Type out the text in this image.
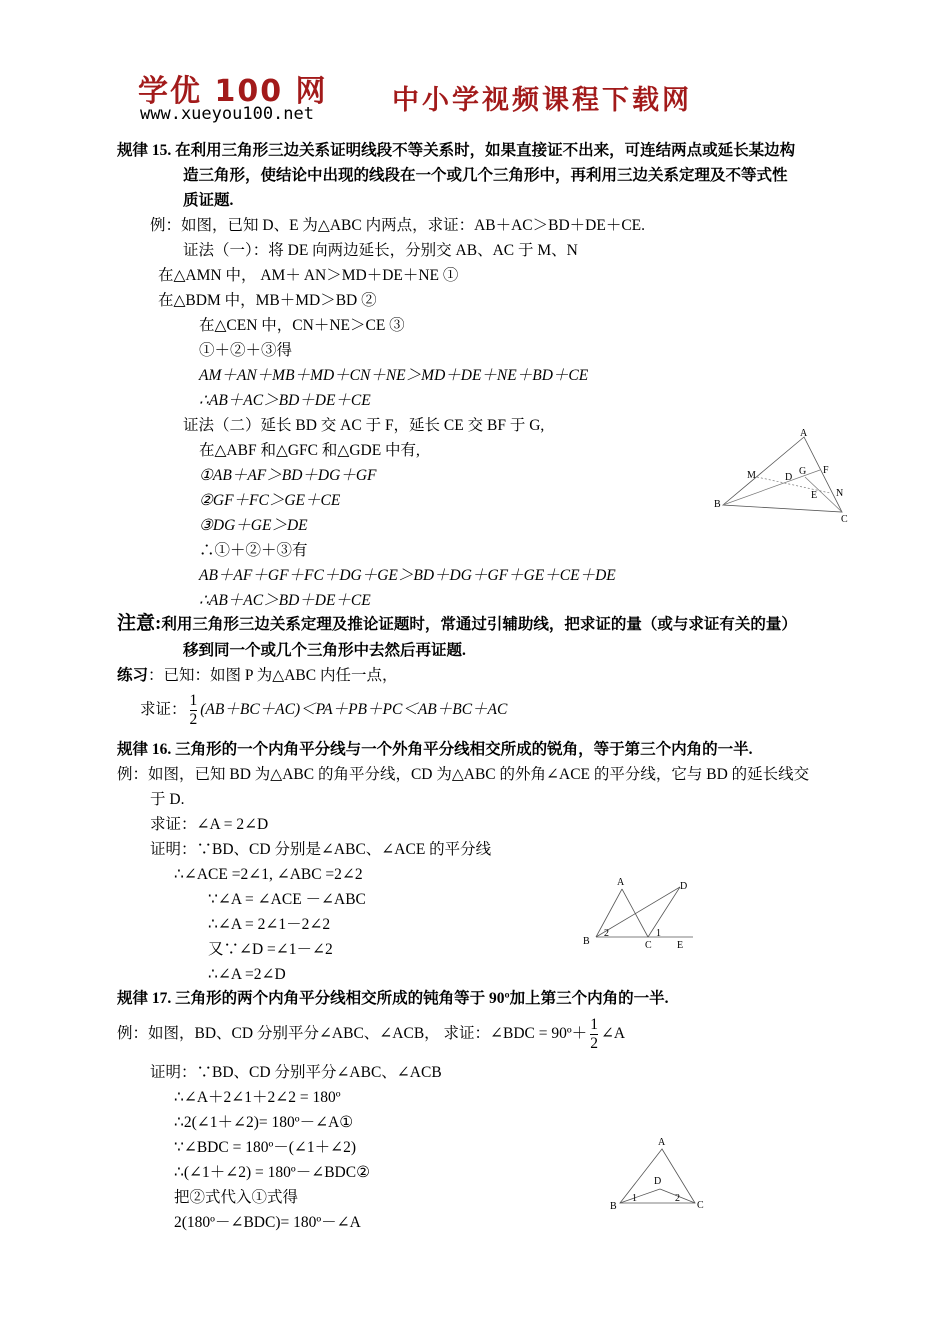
学优 100 网
www.xueyou100.net	中小学视频课程下载网
规律 15. 在利用三角形三边关系证明线段不等关系时，如果直接证不出来，可连结两点或延长某边构
造三角形，使结论中出现的线段在一个或几个三角形中，再利用三边关系定理及不等式性
质证题.
例：如图，已知 D、E 为△ABC 内两点，求证：AB＋AC＞BD＋DE＋CE.
证法（一）：将 DE 向两边延长，分别交 AB、AC 于 M、N
在△AMN 中， AM＋ AN＞MD＋DE＋NE ①
在△BDM 中，MB＋MD＞BD ②
在△CEN 中，CN＋NE＞CE ③
①＋②＋③得
AM＋AN＋MB＋MD＋CN＋NE＞MD＋DE＋NE＋BD＋CE
∴AB＋AC＞BD＋DE＋CE
证法（二）延长 BD 交 AC 于 F，延长 CE 交 BF 于 G,
在△ABF 和△GFC 和△GDE 中有,
①AB＋AF＞BD＋DG＋GF
②GF＋FC＞GE＋CE
③DG＋GE＞DE
∴①＋②＋③有
AB＋AF＋GF＋FC＋DG＋GE＞BD＋DG＋GF＋GE＋CE＋DE
∴AB＋AC＞BD＋DE＋CE
A
B
C
D
E
F
G
M
N
注意:利用三角形三边关系定理及推论证题时，常通过引辅助线，把求证的量（或与求证有关的量）
移到同一个或几个三角形中去然后再证题.
练习：已知：如图 P 为△ABC 内任一点，
求证： $\frac{1}{2} (AB+BC+AC)<PA+PB+PC<AB+BC+AC$
规律 16. 三角形的一个内角平分线与一个外角平分线相交所成的锐角，等于第三个内角的一半.
例：如图，已知 BD 为△ABC 的角平分线，CD 为△ABC 的外角∠ACE 的平分线，它与 BD 的延长线交
于 D.
求证：∠A = 2∠D
证明：∵BD、CD 分别是∠ABC、∠ACE 的平分线
∴∠ACE =2∠1, ∠ABC =2∠2
∵∠A = ∠ACE －∠ABC
∴∠A = 2∠1－2∠2
又∵∠D =∠1－∠2
∴∠A =2∠D
A
B	C
D
E
1
2
规律 17. 三角形的两个内角平分线相交所成的钝角等于 90º加上第三个内角的一半.
例：如图，BD、CD 分别平分∠ABC、∠ACB， 求证：∠BDC = 90º＋ $\frac{1}{2}$ ∠A
证明：∵BD、CD 分别平分∠ABC、∠ACB
∴∠A＋2∠1＋2∠2 = 180º
∴2(∠1＋∠2)= 180º－∠A①
∵∠BDC = 180º－(∠1＋∠2)
∴(∠1＋∠2) = 180º－∠BDC②
把②式代入①式得
2(180º－∠BDC)= 180º－∠A
A
B	C
D
1	2
